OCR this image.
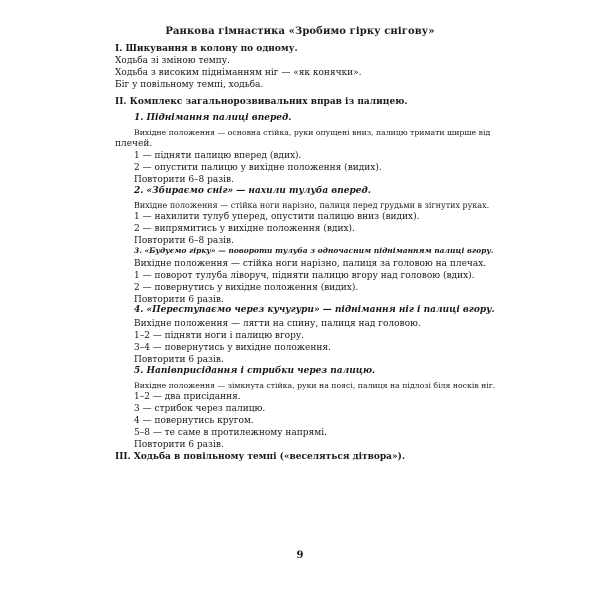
Ранкова гімнастика «Зробимо гірку снігову»
I. Шикування в колону по одному.
Ходьба зі зміною темпу.
Ходьба з високим підніманням ніг — «як конячки».
Біг у повільному темпі, ходьба.
II. Комплекс загальнорозвивальних вправ із палицею.
1. Піднімання палиці вперед.
Вихідне положення — основна стійка, руки опущені вниз, палицю тримати ширше від
плечей.
1 — підняти палицю вперед (вдих).
2 — опустити палицю у вихідне положення (видих).
Повторити 6–8 разів.
2. «Збираємо сніг» — нахили тулуба вперед.
Вихідне положення — стійка ноги нарізно, палиця перед грудьми в зігнутих руках.
1 — нахилити тулуб уперед, опустити палицю вниз (видих).
2 — випрямитись у вихідне положення (вдих).
Повторити 6–8 разів.
3. «Будуємо гірку» — повороти тулуба з одночасним підніманням палиці вгору.
Вихідне положення — стійка ноги нарізно, палиця за головою на плечах.
1 — поворот тулуба ліворуч, підняти палицю вгору над головою (вдих).
2 — повернутись у вихідне положення (видих).
Повторити 6 разів.
4. «Переступаємо через кучугури» — піднімання ніг і палиці вгору.
Вихідне положення — лягти на спину, палиця над головою.
1–2 — підняти ноги і палицю вгору.
3–4 — повернутись у вихідне положення.
Повторити 6 разів.
5. Напівприсідання і стрибки через палицю.
Вихідне положення — зімкнута стійка, руки на поясі, палиця на підлозі біля носків ніг.
1–2 — два присідання.
3 — стрибок через палицю.
4 — повернутись кругом.
5–8 — те саме в протилежному напрямі.
Повторити 6 разів.
III. Ходьба в повільному темпі («веселяться дітвора»).
9
